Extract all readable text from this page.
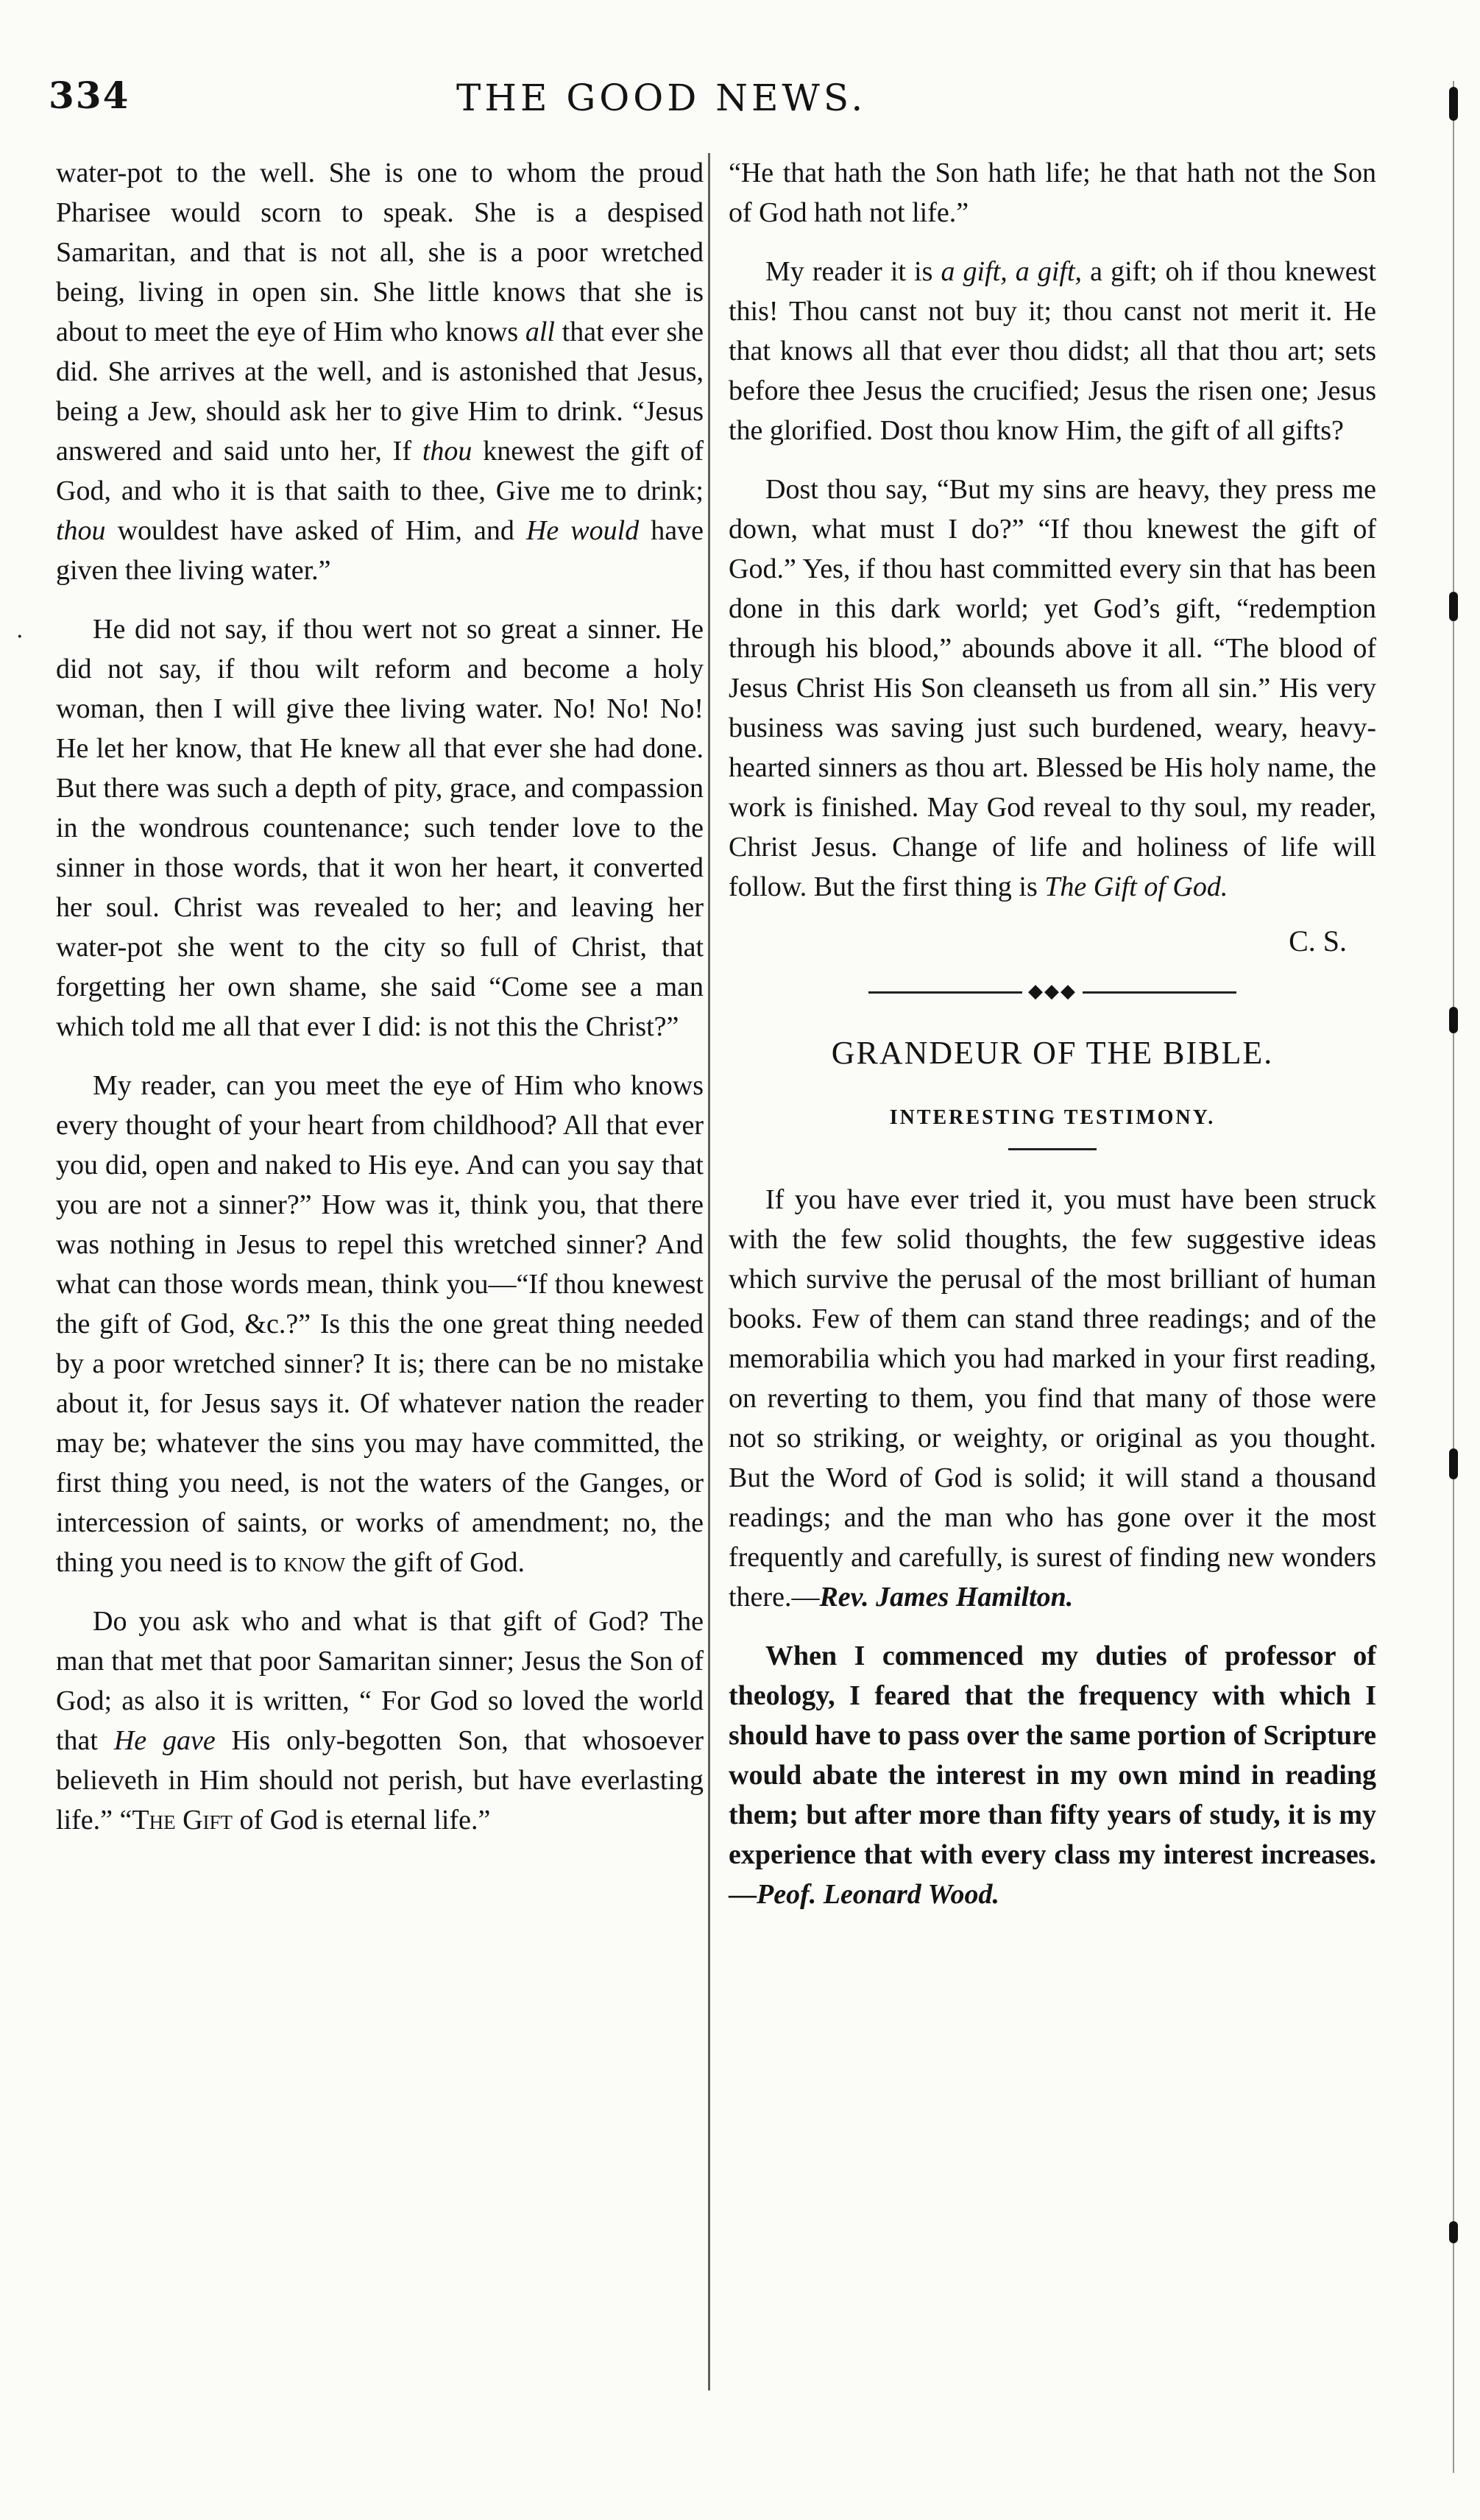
·
334	THE GOOD NEWS.

water-pot to the well. She is one to whom the proud Pharisee would scorn to speak. She is a despised Samaritan, and that is not all, she is a poor wretched being, living in open sin. She little knows that she is about to meet the eye of Him who knows all that ever she did. She arrives at the well, and is astonished that Jesus, being a Jew, should ask her to give Him to drink. “Jesus answered and said unto her, If thou knewest the gift of God, and who it is that saith to thee, Give me to drink; thou wouldest have asked of Him, and He would have given thee living water.”

He did not say, if thou wert not so great a sinner. He did not say, if thou wilt reform and become a holy woman, then I will give thee living water. No! No! No! He let her know, that He knew all that ever she had done. But there was such a depth of pity, grace, and compassion in the wondrous countenance; such tender love to the sinner in those words, that it won her heart, it converted her soul. Christ was revealed to her; and leaving her water-pot she went to the city so full of Christ, that forgetting her own shame, she said “Come see a man which told me all that ever I did: is not this the Christ?”

My reader, can you meet the eye of Him who knows every thought of your heart from childhood? All that ever you did, open and naked to His eye. And can you say that you are not a sinner?” How was it, think you, that there was nothing in Jesus to repel this wretched sinner? And what can those words mean, think you—“If thou knewest the gift of God, &c.?” Is this the one great thing needed by a poor wretched sinner? It is; there can be no mistake about it, for Jesus says it. Of whatever nation the reader may be; whatever the sins you may have committed, the first thing you need, is not the waters of the Ganges, or intercession of saints, or works of amendment; no, the thing you need is to know the gift of God.

Do you ask who and what is that gift of God? The man that met that poor Samaritan sinner; Jesus the Son of God; as also it is written, “ For God so loved the world that He gave His only-begotten Son, that whosoever believeth in Him should not perish, but have everlasting life.” “The Gift of God is eternal life.”

“He that hath the Son hath life; he that hath not the Son of God hath not life.”

My reader it is a gift, a gift, a gift; oh if thou knewest this! Thou canst not buy it; thou canst not merit it. He that knows all that ever thou didst; all that thou art; sets before thee Jesus the crucified; Jesus the risen one; Jesus the glorified. Dost thou know Him, the gift of all gifts?

Dost thou say, “But my sins are heavy, they press me down, what must I do?” “If thou knewest the gift of God.” Yes, if thou hast committed every sin that has been done in this dark world; yet God’s gift, “redemption through his blood,” abounds above it all. “The blood of Jesus Christ His Son cleanseth us from all sin.” His very business was saving just such burdened, weary, heavy-hearted sinners as thou art. Blessed be His holy name, the work is finished. May God reveal to thy soul, my reader, Christ Jesus. Change of life and holiness of life will follow. But the first thing is The Gift of God.

C. S.
◆◆◆
GRANDEUR OF THE BIBLE.
INTERESTING TESTIMONY.

If you have ever tried it, you must have been struck with the few solid thoughts, the few suggestive ideas which survive the perusal of the most brilliant of human books. Few of them can stand three readings; and of the memorabilia which you had marked in your first reading, on reverting to them, you find that many of those were not so striking, or weighty, or original as you thought. But the Word of God is solid; it will stand a thousand readings; and the man who has gone over it the most frequently and carefully, is surest of finding new wonders there.—Rev. James Hamilton.

When I commenced my duties of professor of theology, I feared that the frequency with which I should have to pass over the same portion of Scripture would abate the interest in my own mind in reading them; but after more than fifty years of study, it is my experience that with every class my interest increases.—Peof. Leonard Wood.
